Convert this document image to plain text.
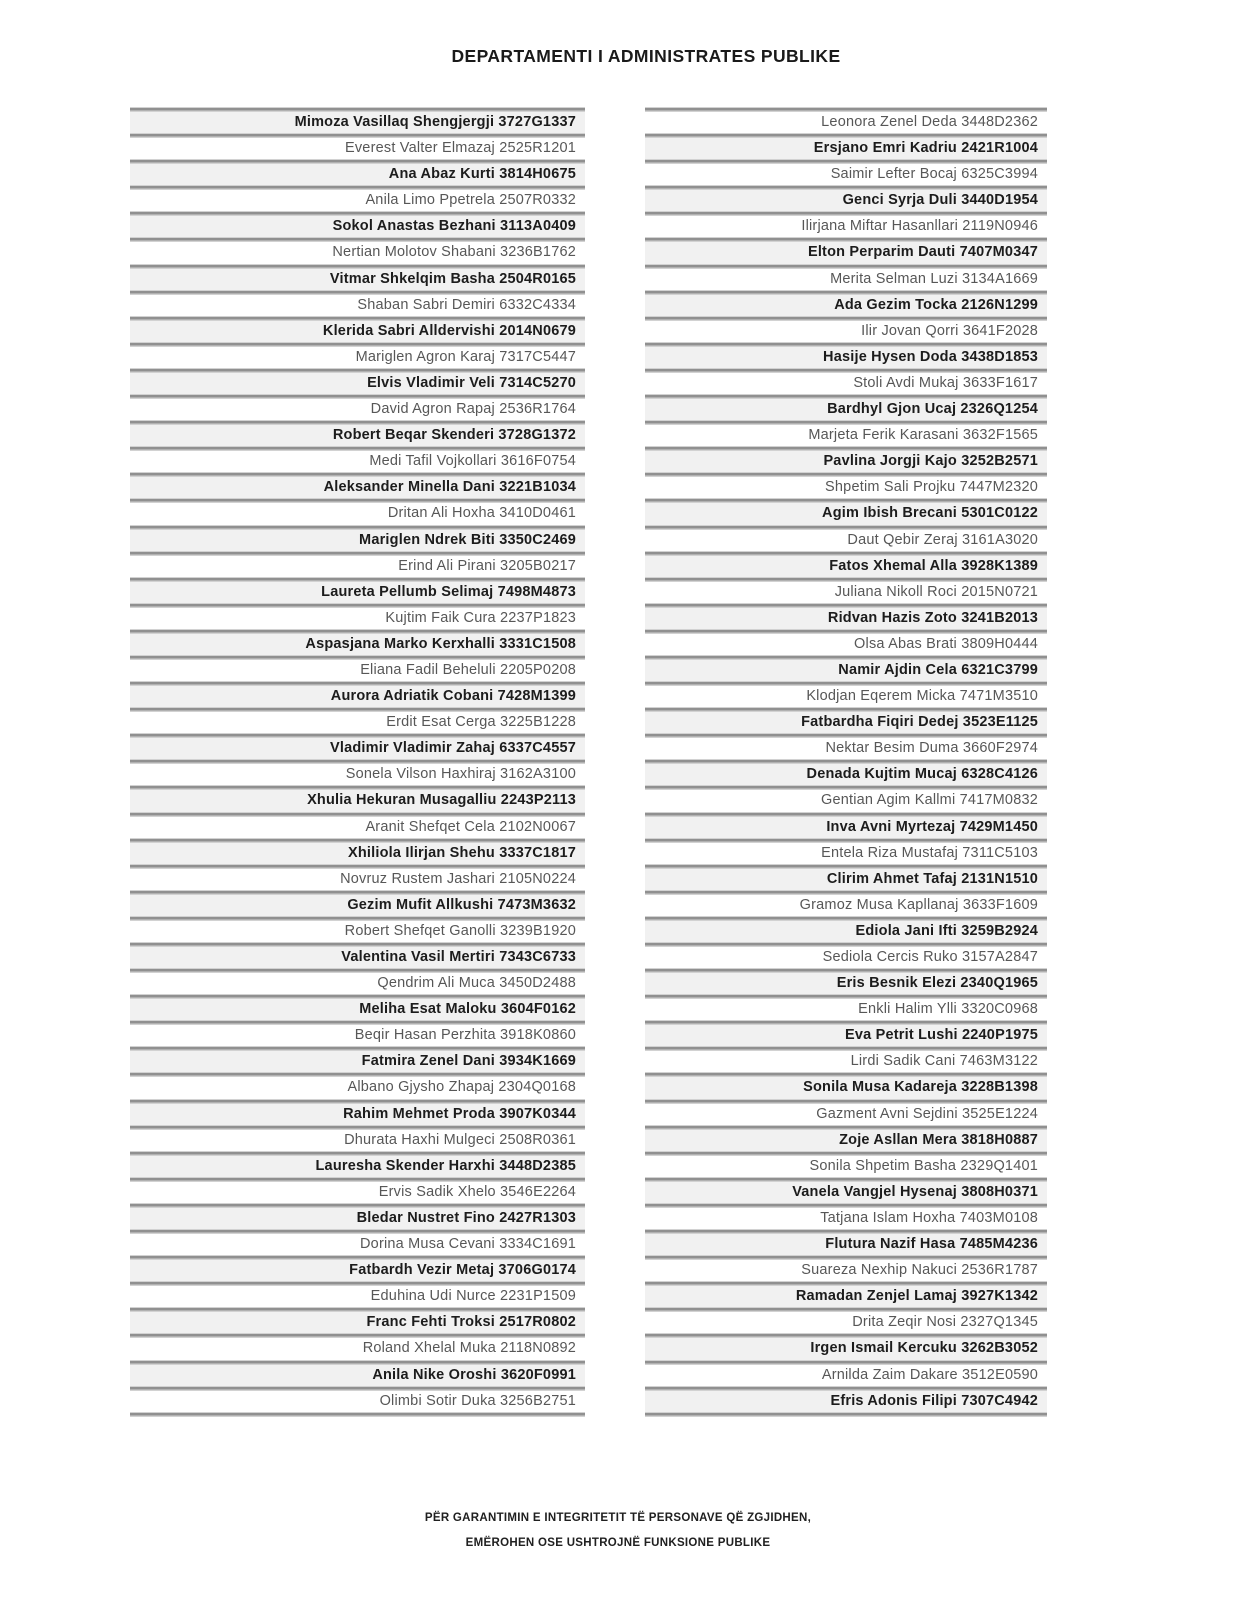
DEPARTAMENTI I ADMINISTRATES PUBLIKE
Mimoza Vasillaq Shengjergji 3727G1337
Everest Valter Elmazaj 2525R1201
Ana Abaz Kurti 3814H0675
Anila Limo Ppetrela 2507R0332
Sokol Anastas Bezhani 3113A0409
Nertian Molotov Shabani 3236B1762
Vitmar Shkelqim Basha 2504R0165
Shaban Sabri Demiri 6332C4334
Klerida Sabri Alldervishi 2014N0679
Mariglen Agron Karaj 7317C5447
Elvis Vladimir Veli 7314C5270
David Agron Rapaj 2536R1764
Robert Beqar Skenderi 3728G1372
Medi Tafil Vojkollari 3616F0754
Aleksander Minella Dani 3221B1034
Dritan Ali Hoxha 3410D0461
Mariglen Ndrek Biti 3350C2469
Erind Ali Pirani 3205B0217
Laureta Pellumb Selimaj 7498M4873
Kujtim Faik Cura 2237P1823
Aspasjana Marko Kerxhalli 3331C1508
Eliana Fadil Beheluli 2205P0208
Aurora Adriatik Cobani 7428M1399
Erdit Esat Cerga 3225B1228
Vladimir Vladimir Zahaj 6337C4557
Sonela Vilson Haxhiraj 3162A3100
Xhulia Hekuran Musagalliu 2243P2113
Aranit Shefqet Cela 2102N0067
Xhiliola Ilirjan Shehu 3337C1817
Novruz Rustem Jashari 2105N0224
Gezim Mufit Allkushi 7473M3632
Robert Shefqet Ganolli 3239B1920
Valentina Vasil Mertiri 7343C6733
Qendrim Ali Muca 3450D2488
Meliha Esat Maloku 3604F0162
Beqir Hasan Perzhita 3918K0860
Fatmira Zenel Dani 3934K1669
Albano Gjysho Zhapaj 2304Q0168
Rahim Mehmet Proda 3907K0344
Dhurata Haxhi Mulgeci 2508R0361
Lauresha Skender Harxhi 3448D2385
Ervis Sadik Xhelo 3546E2264
Bledar Nustret Fino 2427R1303
Dorina Musa Cevani 3334C1691
Fatbardh Vezir Metaj 3706G0174
Eduhina Udi Nurce 2231P1509
Franc Fehti Troksi 2517R0802
Roland Xhelal Muka 2118N0892
Anila Nike Oroshi 3620F0991
Olimbi Sotir Duka 3256B2751
Leonora Zenel Deda 3448D2362
Ersjano Emri Kadriu 2421R1004
Saimir Lefter Bocaj 6325C3994
Genci Syrja Duli 3440D1954
Ilirjana Miftar Hasanllari 2119N0946
Elton Perparim Dauti 7407M0347
Merita Selman Luzi 3134A1669
Ada Gezim Tocka 2126N1299
Ilir Jovan Qorri 3641F2028
Hasije Hysen Doda 3438D1853
Stoli Avdi Mukaj 3633F1617
Bardhyl Gjon Ucaj 2326Q1254
Marjeta Ferik Karasani 3632F1565
Pavlina Jorgji Kajo 3252B2571
Shpetim Sali Projku 7447M2320
Agim Ibish Brecani 5301C0122
Daut Qebir Zeraj 3161A3020
Fatos Xhemal Alla 3928K1389
Juliana Nikoll Roci 2015N0721
Ridvan Hazis Zoto 3241B2013
Olsa Abas Brati 3809H0444
Namir Ajdin Cela 6321C3799
Klodjan Eqerem Micka 7471M3510
Fatbardha Fiqiri Dedej 3523E1125
Nektar Besim Duma 3660F2974
Denada Kujtim Mucaj 6328C4126
Gentian Agim Kallmi 7417M0832
Inva Avni Myrtezaj 7429M1450
Entela Riza Mustafaj 7311C5103
Clirim Ahmet Tafaj 2131N1510
Gramoz Musa Kapllanaj 3633F1609
Ediola Jani Ifti 3259B2924
Sediola Cercis Ruko 3157A2847
Eris Besnik Elezi 2340Q1965
Enkli Halim Ylli 3320C0968
Eva Petrit Lushi 2240P1975
Lirdi Sadik Cani 7463M3122
Sonila Musa Kadareja 3228B1398
Gazment Avni Sejdini 3525E1224
Zoje Asllan Mera 3818H0887
Sonila Shpetim Basha 2329Q1401
Vanela Vangjel Hysenaj 3808H0371
Tatjana Islam Hoxha 7403M0108
Flutura Nazif Hasa 7485M4236
Suareza Nexhip Nakuci 2536R1787
Ramadan Zenjel Lamaj 3927K1342
Drita Zeqir Nosi 2327Q1345
Irgen Ismail Kercuku 3262B3052
Arnilda Zaim Dakare 3512E0590
Efris Adonis Filipi 7307C4942
PËR GARANTIMIN E INTEGRITETIT TË PERSONAVE QË ZGJIDHEN,
EMËROHEN OSE USHTROJNË FUNKSIONE PUBLIKE
